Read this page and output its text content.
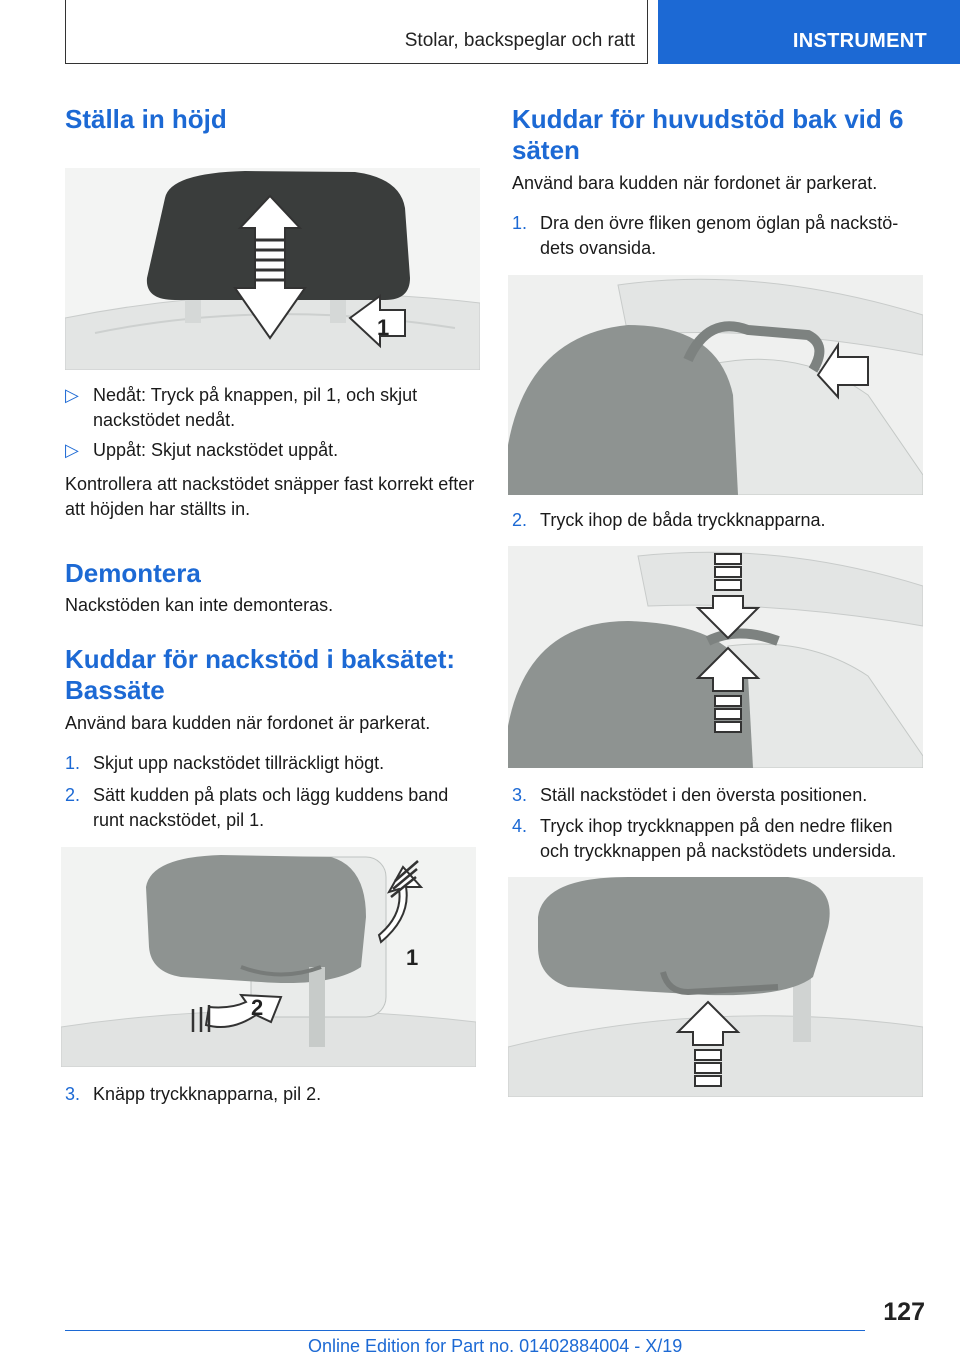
Stolar, backspeglar och ratt	INSTRUMENT
Ställa in höjd
1
▷ Nedåt: Tryck på knappen, pil 1, och skjut nackstödet nedåt.
▷ Uppåt: Skjut nackstödet uppåt.

Kontrollera att nackstödet snäpper fast korrekt efter att höjden har ställts in.

Demontera

Nackstöden kan inte demonteras.

Kuddar för nackstöd i baksätet: Bassäte

Använd bara kudden när fordonet är parkerat.

1. Skjut upp nackstödet tillräckligt högt.
2. Sätt kudden på plats och lägg kuddens band runt nackstödet, pil 1.
1
2
3. Knäpp tryckknapparna, pil 2.
Kuddar för huvudstöd bak vid 6 säten

Använd bara kudden när fordonet är parkerat.

1. Dra den övre fliken genom öglan på nackstö-dets ovansida.
2. Tryck ihop de båda tryckknapparna.
3. Ställ nackstödet i den översta positionen.
4. Tryck ihop tryckknappen på den nedre fliken och tryckknappen på nackstödets undersida.
127
Online Edition for Part no. 01402884004 - X/19
